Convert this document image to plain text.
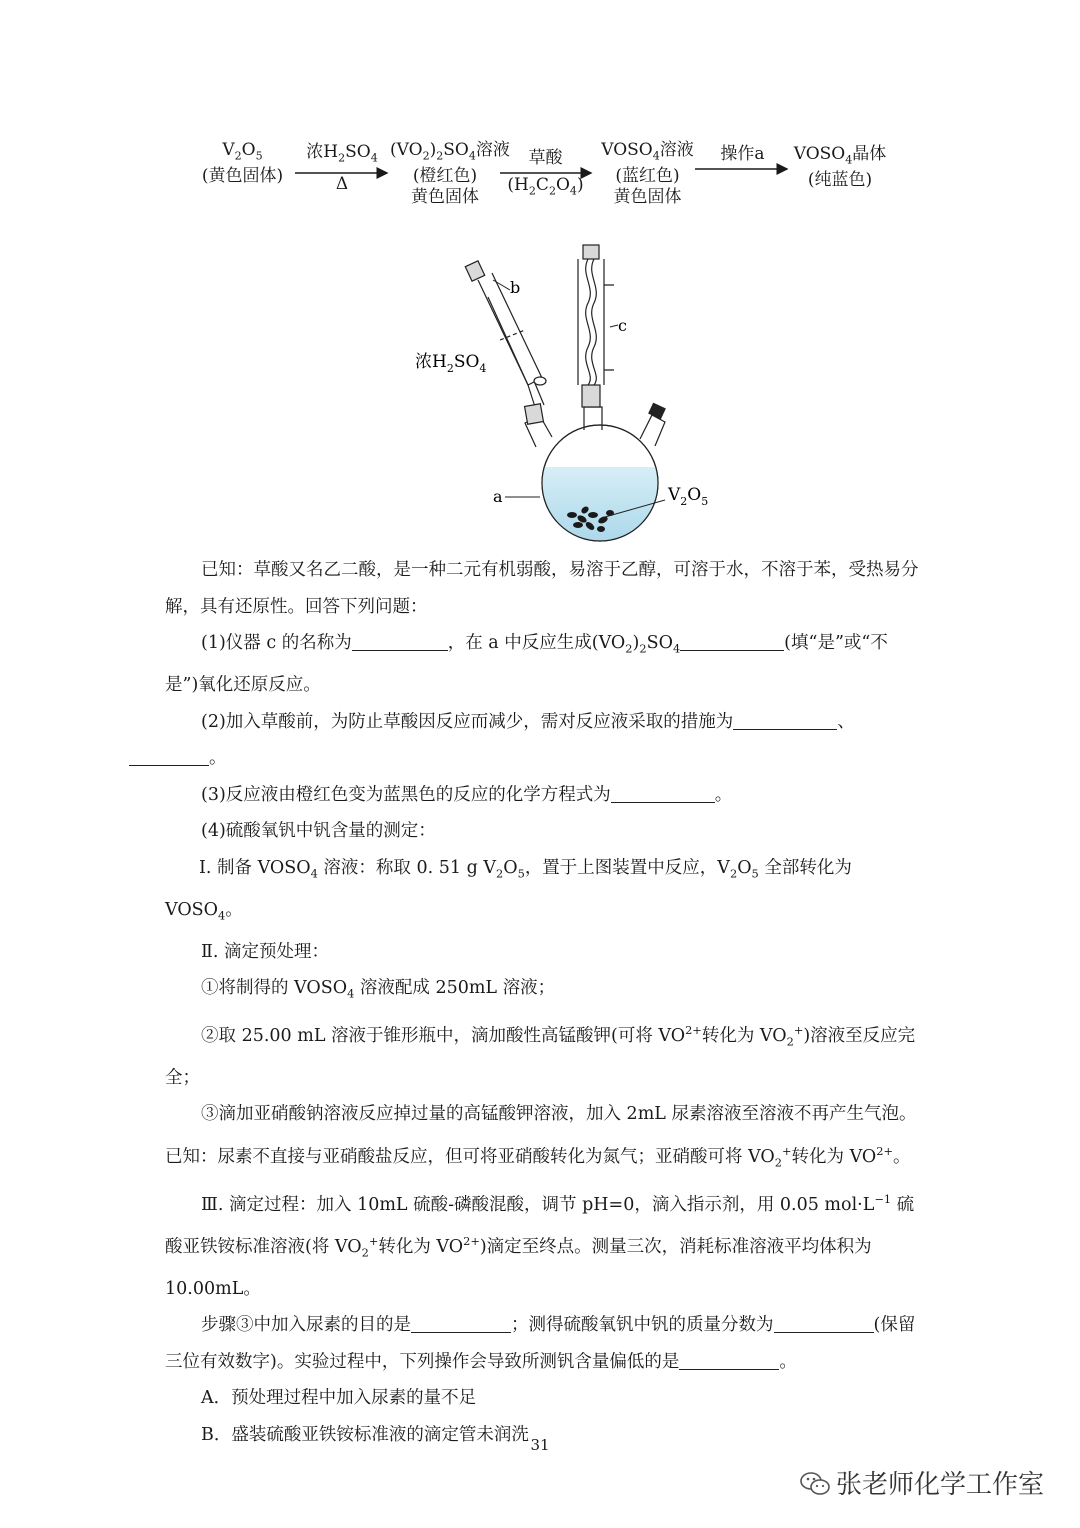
$V_2O_5$
(黄色固体)
浓$H_2SO_4$
Δ
$(VO_2)_2SO_4$溶液
(橙红色)
黄色固体
草酸
$(H_2C_2O_4)$
$VOSO_4$溶液
(蓝红色)
黄色固体
操作a	$VOSO_4$晶体
(纯蓝色)
b
c
a
浓$H_2SO_4$
$V_2O_5$

已知：草酸又名乙二酸，是一种二元有机弱酸，易溶于乙醇，可溶于水，不溶于苯，受热易分解，具有还原性。回答下列问题：

(1)仪器 c 的名称为	，在 a 中反应生成$(VO_2)_2SO_4$	(填“是”或“不是”)氧化还原反应。

(2)加入草酸前，为防止草酸因反应而减少，需对反应液采取的措施为	、
。

(3)反应液由橙红色变为蓝黑色的反应的化学方程式为	。

(4)硫酸氧钒中钒含量的测定：

Ⅰ. 制备 $VOSO_4$ 溶液：称取 0. 51 g $V_2O_5$，置于上图装置中反应，$V_2O_5$ 全部转化为 $VOSO_4$。

Ⅱ. 滴定预处理：

①将制得的 $VOSO_4$ 溶液配成 250mL 溶液；

②取 25.00 mL 溶液于锥形瓶中，滴加酸性高锰酸钾(可将 $VO^{2+}$转化为 $VO_2^+$)溶液至反应完全；

③滴加亚硝酸钠溶液反应掉过量的高锰酸钾溶液，加入 2mL 尿素溶液至溶液不再产生气泡。已知：尿素不直接与亚硝酸盐反应，但可将亚硝酸转化为氮气；亚硝酸可将 $VO_2^+$转化为 $VO^{2+}$。

Ⅲ. 滴定过程：加入 10mL 硫酸-磷酸混酸，调节 pH=0，滴入指示剂，用 0.05 $mol\cdot L^{-1}$ 硫酸亚铁铵标准溶液(将 $VO_2^+$转化为 $VO^{2+}$)滴定至终点。测量三次，消耗标准溶液平均体积为 10.00mL。

步骤③中加入尿素的目的是	；测得硫酸氧钒中钒的质量分数为	(保留三位有效数字)。实验过程中，下列操作会导致所测钒含量偏低的是	。

A．预处理过程中加入尿素的量不足

B．盛装硫酸亚铁铵标准液的滴定管未润洗

31
张老师化学工作室
